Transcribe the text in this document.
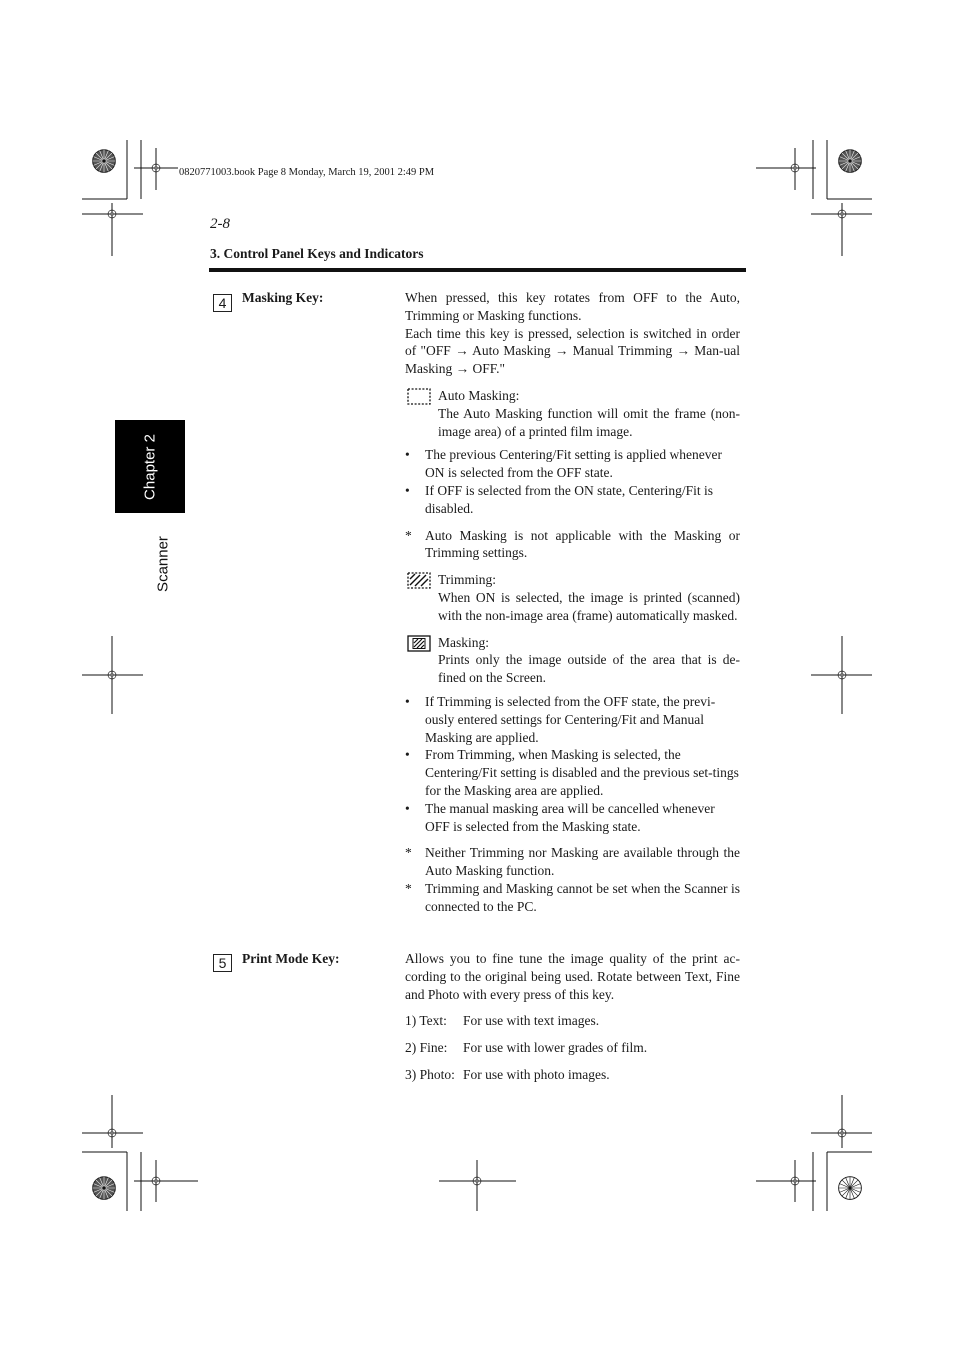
0820771003.book Page 8 Monday, March 19, 2001 2:49 PM
2-8
3. Control Panel Keys and Indicators
Chapter 2
Scanner
4	Masking Key:	When pressed, this key rotates from OFF to the Auto, Trimming or Masking functions.

Each time this key is pressed, selection is switched in order of "OFF → Auto Masking → Manual Trimming → Man-ual Masking → OFF."

Auto Masking:

The Auto Masking function will omit the frame (non-image area) of a printed film image.

• The previous Centering/Fit setting is applied whenever ON is selected from the OFF state.

• If OFF is selected from the ON state, Centering/Fit is disabled.

* Auto Masking is not applicable with the Masking or Trimming settings.

Trimming:

When ON is selected, the image is printed (scanned) with the non-image area (frame) automatically masked.

Masking:

Prints only the image outside of the area that is de-fined on the Screen.

• If Trimming is selected from the OFF state, the previ-ously entered settings for Centering/Fit and Manual Masking are applied.

• From Trimming, when Masking is selected, the Centering/Fit setting is disabled and the previous set-tings for the Masking area are applied.

• The manual masking area will be cancelled whenever OFF is selected from the Masking state.

* Neither Trimming nor Masking are available through the Auto Masking function.

* Trimming and Masking cannot be set when the Scanner is connected to the PC.

5	Print Mode Key:	Allows you to fine tune the image quality of the print ac-cording to the original being used. Rotate between Text, Fine and Photo with every press of this key.

1) Text:	For use with text images.
2) Fine:	For use with lower grades of film.
3) Photo: For use with photo images.
